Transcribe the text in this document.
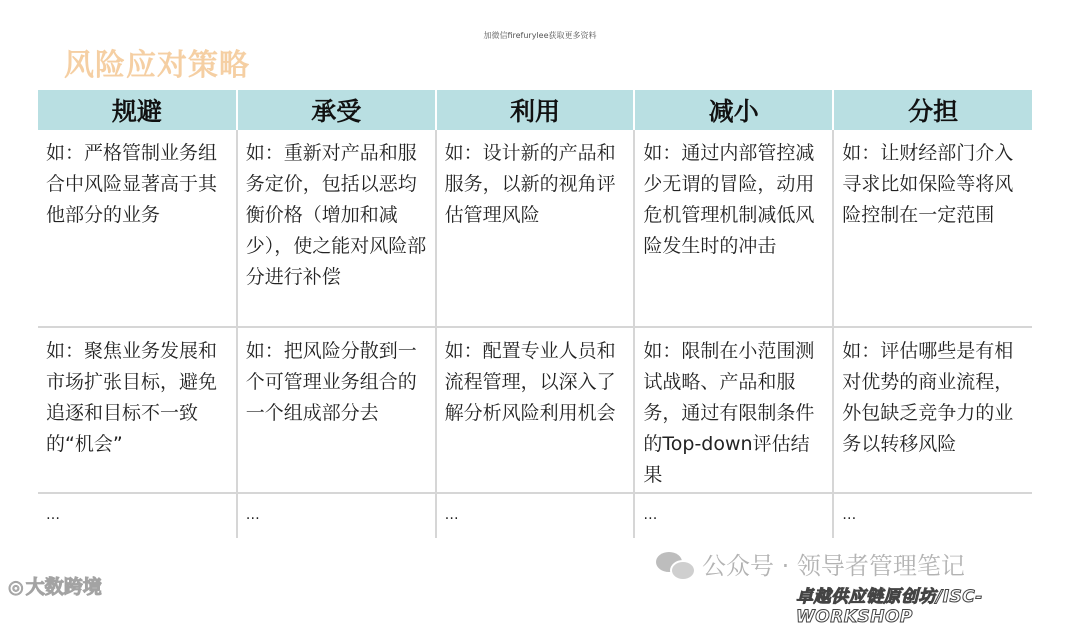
加微信firefurylee获取更多资料
风险应对策略
规避	承受	利用	减小	分担
如：严格管制业务组合中风险显著高于其他部分的业务	如：重新对产品和服务定价，包括以恶均衡价格（增加和减少），使之能对风险部分进行补偿	如：设计新的产品和服务，以新的视角评估管理风险	如：通过内部管控减少无谓的冒险，动用危机管理机制减低风险发生时的冲击	如：让财经部门介入寻求比如保险等将风险控制在一定范围
如：聚焦业务发展和市场扩张目标，避免追逐和目标不一致的“机会”	如：把风险分散到一个可管理业务组合的一个组成部分去	如：配置专业人员和流程管理，以深入了解分析风险利用机会	如：限制在小范围测试战略、产品和服务，通过有限制条件的Top-down评估结果	如：评估哪些是有相对优势的商业流程，外包缺乏竞争力的业务以转移风险
…	…	…	…	…
◎ 大数跨境
公众号 · 领导者管理笔记
卓越供应链原创坊/ISC-WORKSHOP
